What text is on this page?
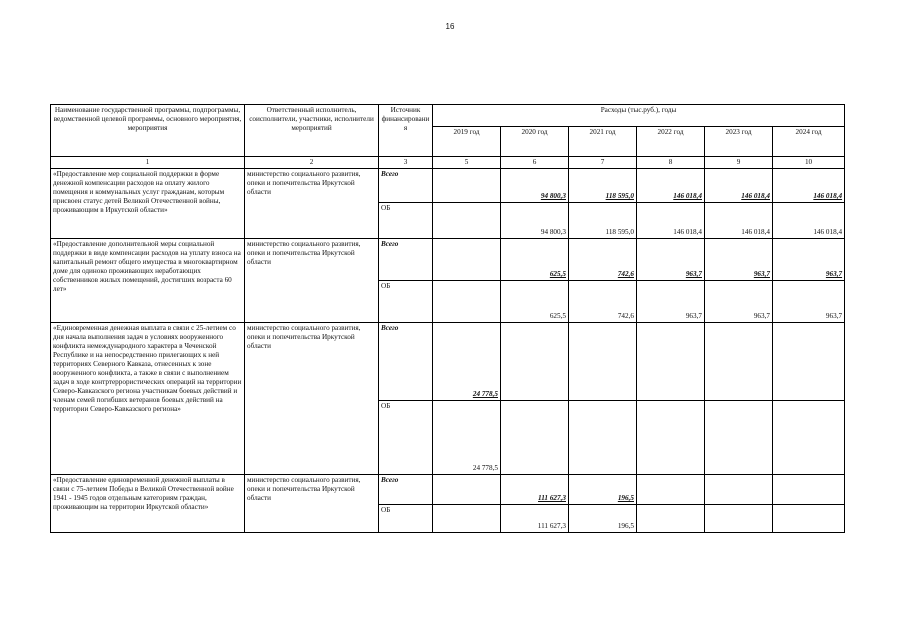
16
Наименование государственной программы, подпрограммы, ведомственной целевой программы, основного мероприятия, мероприятия	Ответственный исполнитель, соисполнители, участники, исполнители мероприятий	Источник финансировани я	Расходы (тыс.руб.), годы					
			2019 год	2020 год	2021 год	2022 год	2023 год	2024 год
1	2	3	5	6	7	8	9	10
«Предоставление мер социальной поддержки в форме денежной компенсации расходов на оплату жилого помещения и коммунальных услуг гражданам, которым присвоен статус детей Великой Отечественной войны, проживающим в Иркутской области»	министерство социального развития, опеки и попечительства Иркутской области	Всего		94 800,3	118 595,0	146 018,4	146 018,4	146 018,4
		ОБ		94 800,3	118 595,0	146 018,4	146 018,4	146 018,4
«Предоставление дополнительной меры социальной поддержки в виде компенсации расходов на уплату взноса на капитальный ремонт общего имущества в многоквартирном доме для одиноко проживающих неработающих собственников жилых помещений, достигших возраста 60 лет»	министерство социального развития, опеки и попечительства Иркутской области	Всего		625,5	742,6	963,7	963,7	963,7
		ОБ		625,5	742,6	963,7	963,7	963,7
«Единовременная денежная выплата в связи с 25-летием со дня начала выполнения задач в условиях вооруженного конфликта немеждународного характера в Чеченской Республике и на непосредственно прилегающих к ней территориях Северного Кавказа, отнесенных к зоне вооруженного конфликта, а также в связи с выполнением задач в ходе контртеррористических операций на территории Северо-Кавказского региона участникам боевых действий и членам семей погибших ветеранов боевых действий на территории Северо-Кавказского региона»	министерство социального развития, опеки и попечительства Иркутской области	Всего	24 778,5					
		ОБ	24 778,5					
«Предоставление единовременной денежной выплаты в связи с 75-летием Победы в Великой Отечественной войне 1941 - 1945 годов отдельным категориям граждан, проживающим на территории Иркутской области»	министерство социального развития, опеки и попечительства Иркутской области	Всего		111 627,3	196,5			
		ОБ		111 627,3	196,5			
